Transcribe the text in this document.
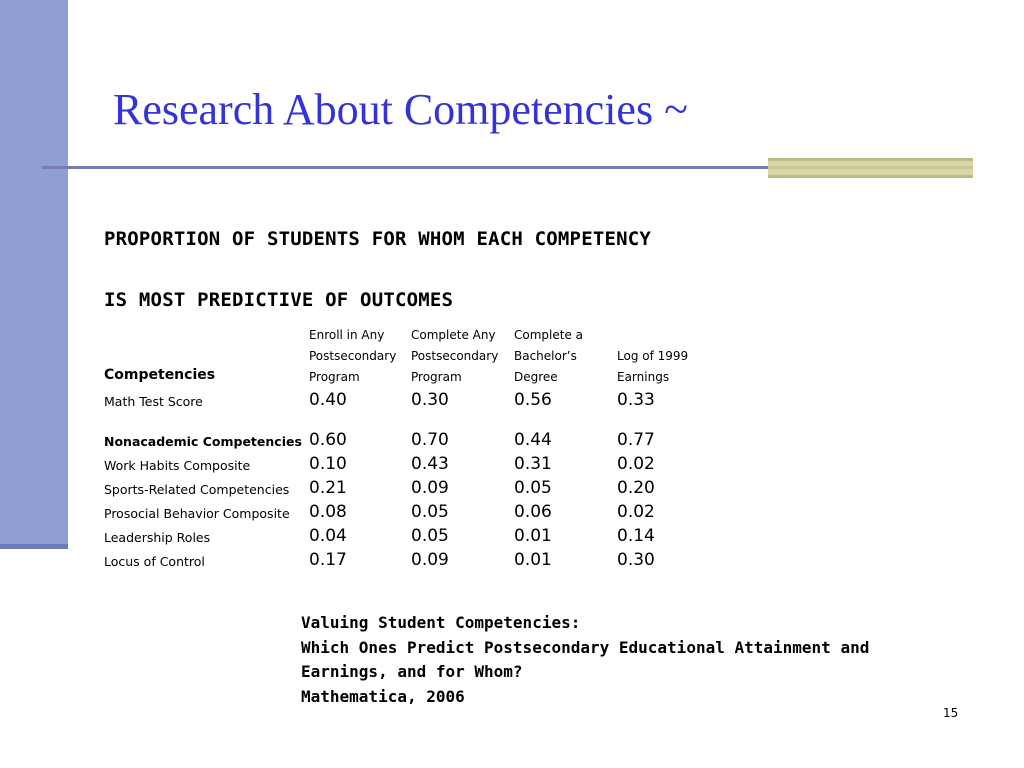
Research About Competencies ~
PROPORTION OF STUDENTS FOR WHOM EACH COMPETENCY
IS MOST PREDICTIVE OF OUTCOMES
Enroll in Any
Postsecondary
Program
Complete Any
Postsecondary
Program
Complete a
Bachelor’s
Degree
Log of 1999
Earnings
Competencies
Math Test Score	0.40	0.30	0.56	0.33
Nonacademic Competencies 0.60	0.70	0.44	0.77
Work Habits Composite	0.10	0.43	0.31	0.02
Sports-Related Competencies 0.21	0.09	0.05	0.20
Prosocial Behavior Composite 0.08	0.05	0.06	0.02
Leadership Roles	0.04	0.05	0.01	0.14
Locus of Control	0.17	0.09	0.01	0.30
Valuing Student Competencies:
Which Ones Predict Postsecondary Educational Attainment and
Earnings, and for Whom?
Mathematica, 2006
15
